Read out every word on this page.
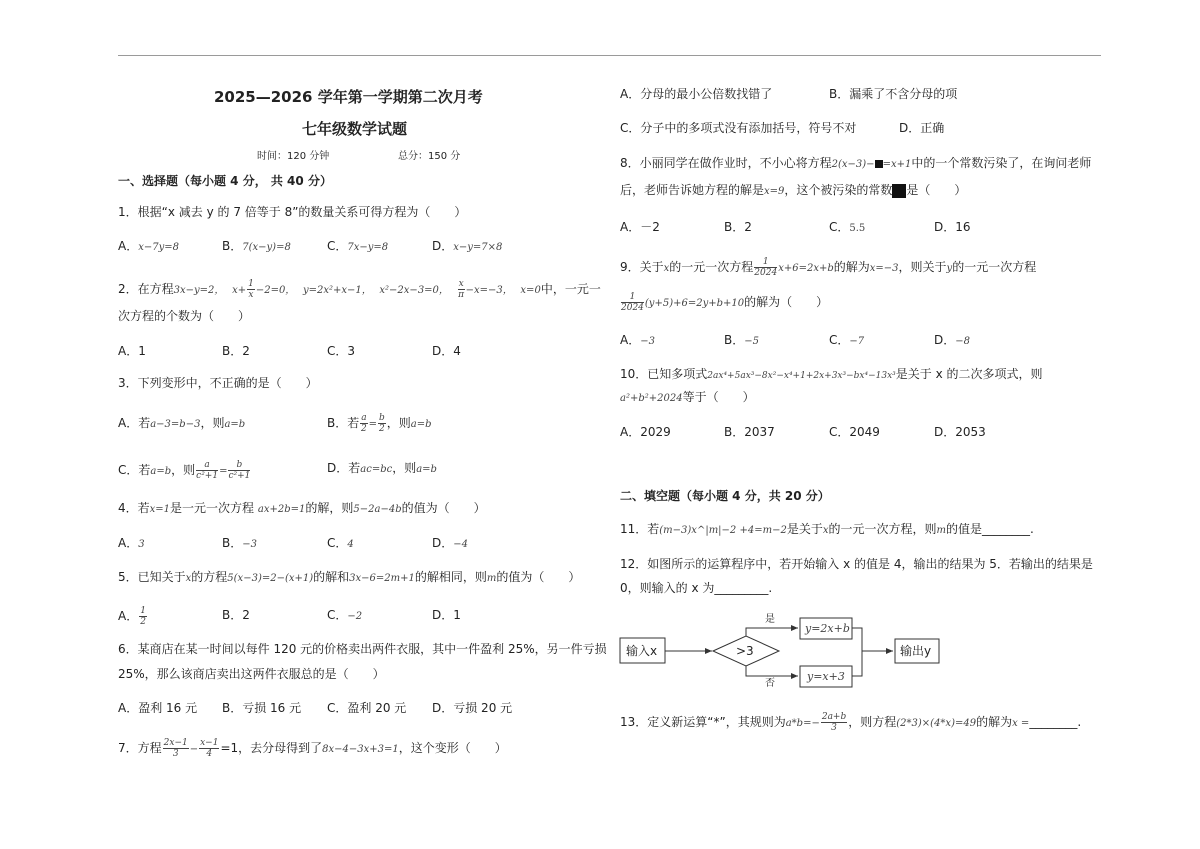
2025—2026 学年第一学期第二次月考
七年级数学试题
时间：120 分钟	总分：150 分
一、选择题（每小题 4 分， 共 40 分）
1．根据“x 减去 y 的 7 倍等于 8”的数量关系可得方程为（　　）
A．x−7y=8	B．7(x−y)=8	C．7x−y=8	D．x−y=7×8
2．在方程3x−y=2， $x+ \frac{1}{x} -2=0$， y=2x²+x−1， x²−2x−3=0， $\frac{x}{\pi} -x=-3$， x=0中，一元一
次方程的个数为（　　）
A．1	B．2	C．3	D．4
3．下列变形中，不正确的是（　　）
A．若a−3=b−3，则a=b	B．若 $\frac{a}{2} = \frac{b}{2}$ ，则a=b
C．若a=b，则 $\frac{a}{\text{c²+1}} = \frac{b}{\text{c²+1}}$	D．若ac=bc，则a=b
4．若x=1是一元一次方程 ax+2b=1的解，则5−2a−4b的值为（　　）
A．3	B．−3	C．4	D．−4
5．已知关于x的方程5(x−3)=2−(x+1)的解和3x−6=2m+1的解相同，则m的值为（　　）
A． $\frac{1}{2}$	B．2	C．−2	D．1
6．某商店在某一时间以每件 120 元的价格卖出两件衣服，其中一件盈利 25%，另一件亏损
25%，那么该商店卖出这两件衣服总的是（　　）
A．盈利 16 元 B．亏损 16 元 C．盈利 20 元 D．亏损 20 元
7．方程 $\frac{2x-1}{3} - \frac{x-1}{4} =1$，去分母得到了8x−4−3x+3=1，这个变形（　　）
A．分母的最小公倍数找错了	B．漏乘了不含分母的项
C．分子中的多项式没有添加括号，符号不对	D．正确
8．小丽同学在做作业时，不小心将方程2(x−3)− =x+1中的一个常数污染了，在询问老师
后，老师告诉她方程的解是x=9，这个被污染的常数 是（　　）
A．－2	B．2	C．5.5	D．16
9．关于x的一元一次方程 $\frac{1}{2024} x+6=2x+b$的解为x=−3，则关于y的一元一次方程
$\frac{1}{2024} (y+5)+6=2y+b+10$的解为（　　）
A．−3	B．−5	C．−7	D．−8
10．已知多项式2ax⁴+5ax³−8x²−x⁴+1+2x+3x³−bx⁴−13x³是关于 x 的二次多项式，则
a²+b²+2024等于（　　）
A．2029	B．2037	C．2049	D．2053
二、填空题（每小题 4 分，共 20 分）
11．若(m−3)x^|m|−2 +4=m−2是关于x的一元一次方程，则m的值是________.
12．如图所示的运算程序中，若开始输入 x 的值是 4，输出的结果为 5．若输出的结果是
0，则输入的 x 为_________.
输入x	>3
是
否
y=2x+b
y=x+3
输出y
13．定义新运算“*”，其规则为$a*b=- \frac{2a+b}{3}$ ，则方程(2*3)×(4*x)=49的解为x =________.
